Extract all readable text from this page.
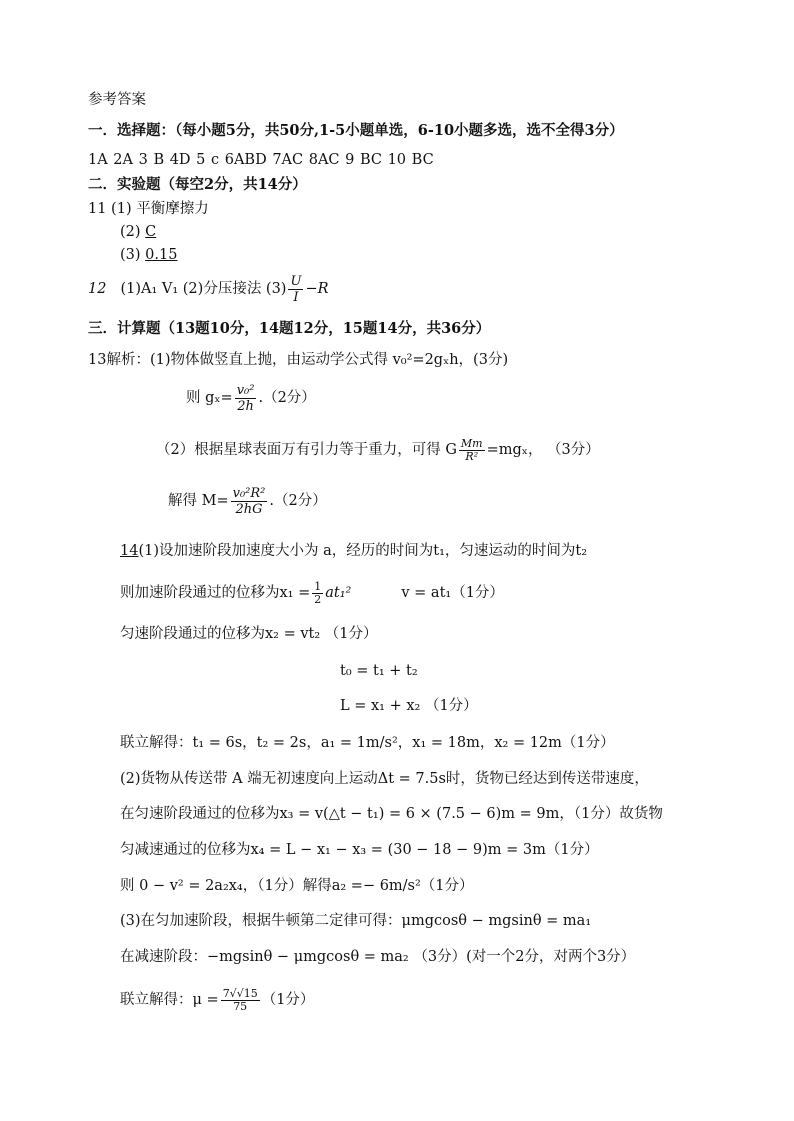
参考答案
一．选择题：（每小题5分，共50分,1-5小题单选，6-10小题多选，选不全得3分）
1A 2A 3 B 4D 5 c 6ABD 7AC 8AC 9 BC 10 BC
二．实验题（每空2分，共14分）
11 (1) 平衡摩擦力
(2) C
(3) 0.15
12 (1)A₁ V₁ (2)分压接法 $(3) \frac{U}{I} -R$
三．计算题（13题10分，14题12分，15题14分，共36分）
13解析：(1)物体做竖直上抛，由运动学公式得 v₀²=2gₓh，(3分)
则 $g_x= \frac{\text{v₀²}}{2h} .(2$分）
（2）根据星球表面万有引力等于重力，可得 G $\frac{Mm}{\text{R²}} =mg_x$， （3分）
解得 $M= \frac{\text{v₀²R²}}{2hG} .(2$分）
14(1)设加速阶段加速度大小为 a，经历的时间为t₁，匀速运动的时间为t₂
则加速阶段通过的位移为$x_1 = \frac{1}{2} at_1^2$	v = at₁（1分）
匀速阶段通过的位移为x₂ = vt₂ （1分）
t₀ = t₁ + t₂
L = x₁ + x₂ （1分）
联立解得：t₁ = 6s，t₂ = 2s，a₁ = 1m/s²，x₁ = 18m，x₂ = 12m（1分）
(2)货物从传送带 A 端无初速度向上运动Δt = 7.5s时，货物已经达到传送带速度，
在匀速阶段通过的位移为x₃ = v(△t − t₁) = 6 × (7.5 − 6)m = 9m，（1分）故货物
匀减速通过的位移为x₄ = L − x₁ − x₃ = (30 − 18 − 9)m = 3m（1分）
则 0 − v² = 2a₂x₄，（1分）解得a₂ =− 6m/s²（1分）
(3)在匀加速阶段，根据牛顿第二定律可得：μmgcosθ − mgsinθ = ma₁
在减速阶段：−mgsinθ − μmgcosθ = ma₂ （3分）(对一个2分，对两个3分）
联立解得：$\mu = \frac{7√√15}{75} (1$分）
